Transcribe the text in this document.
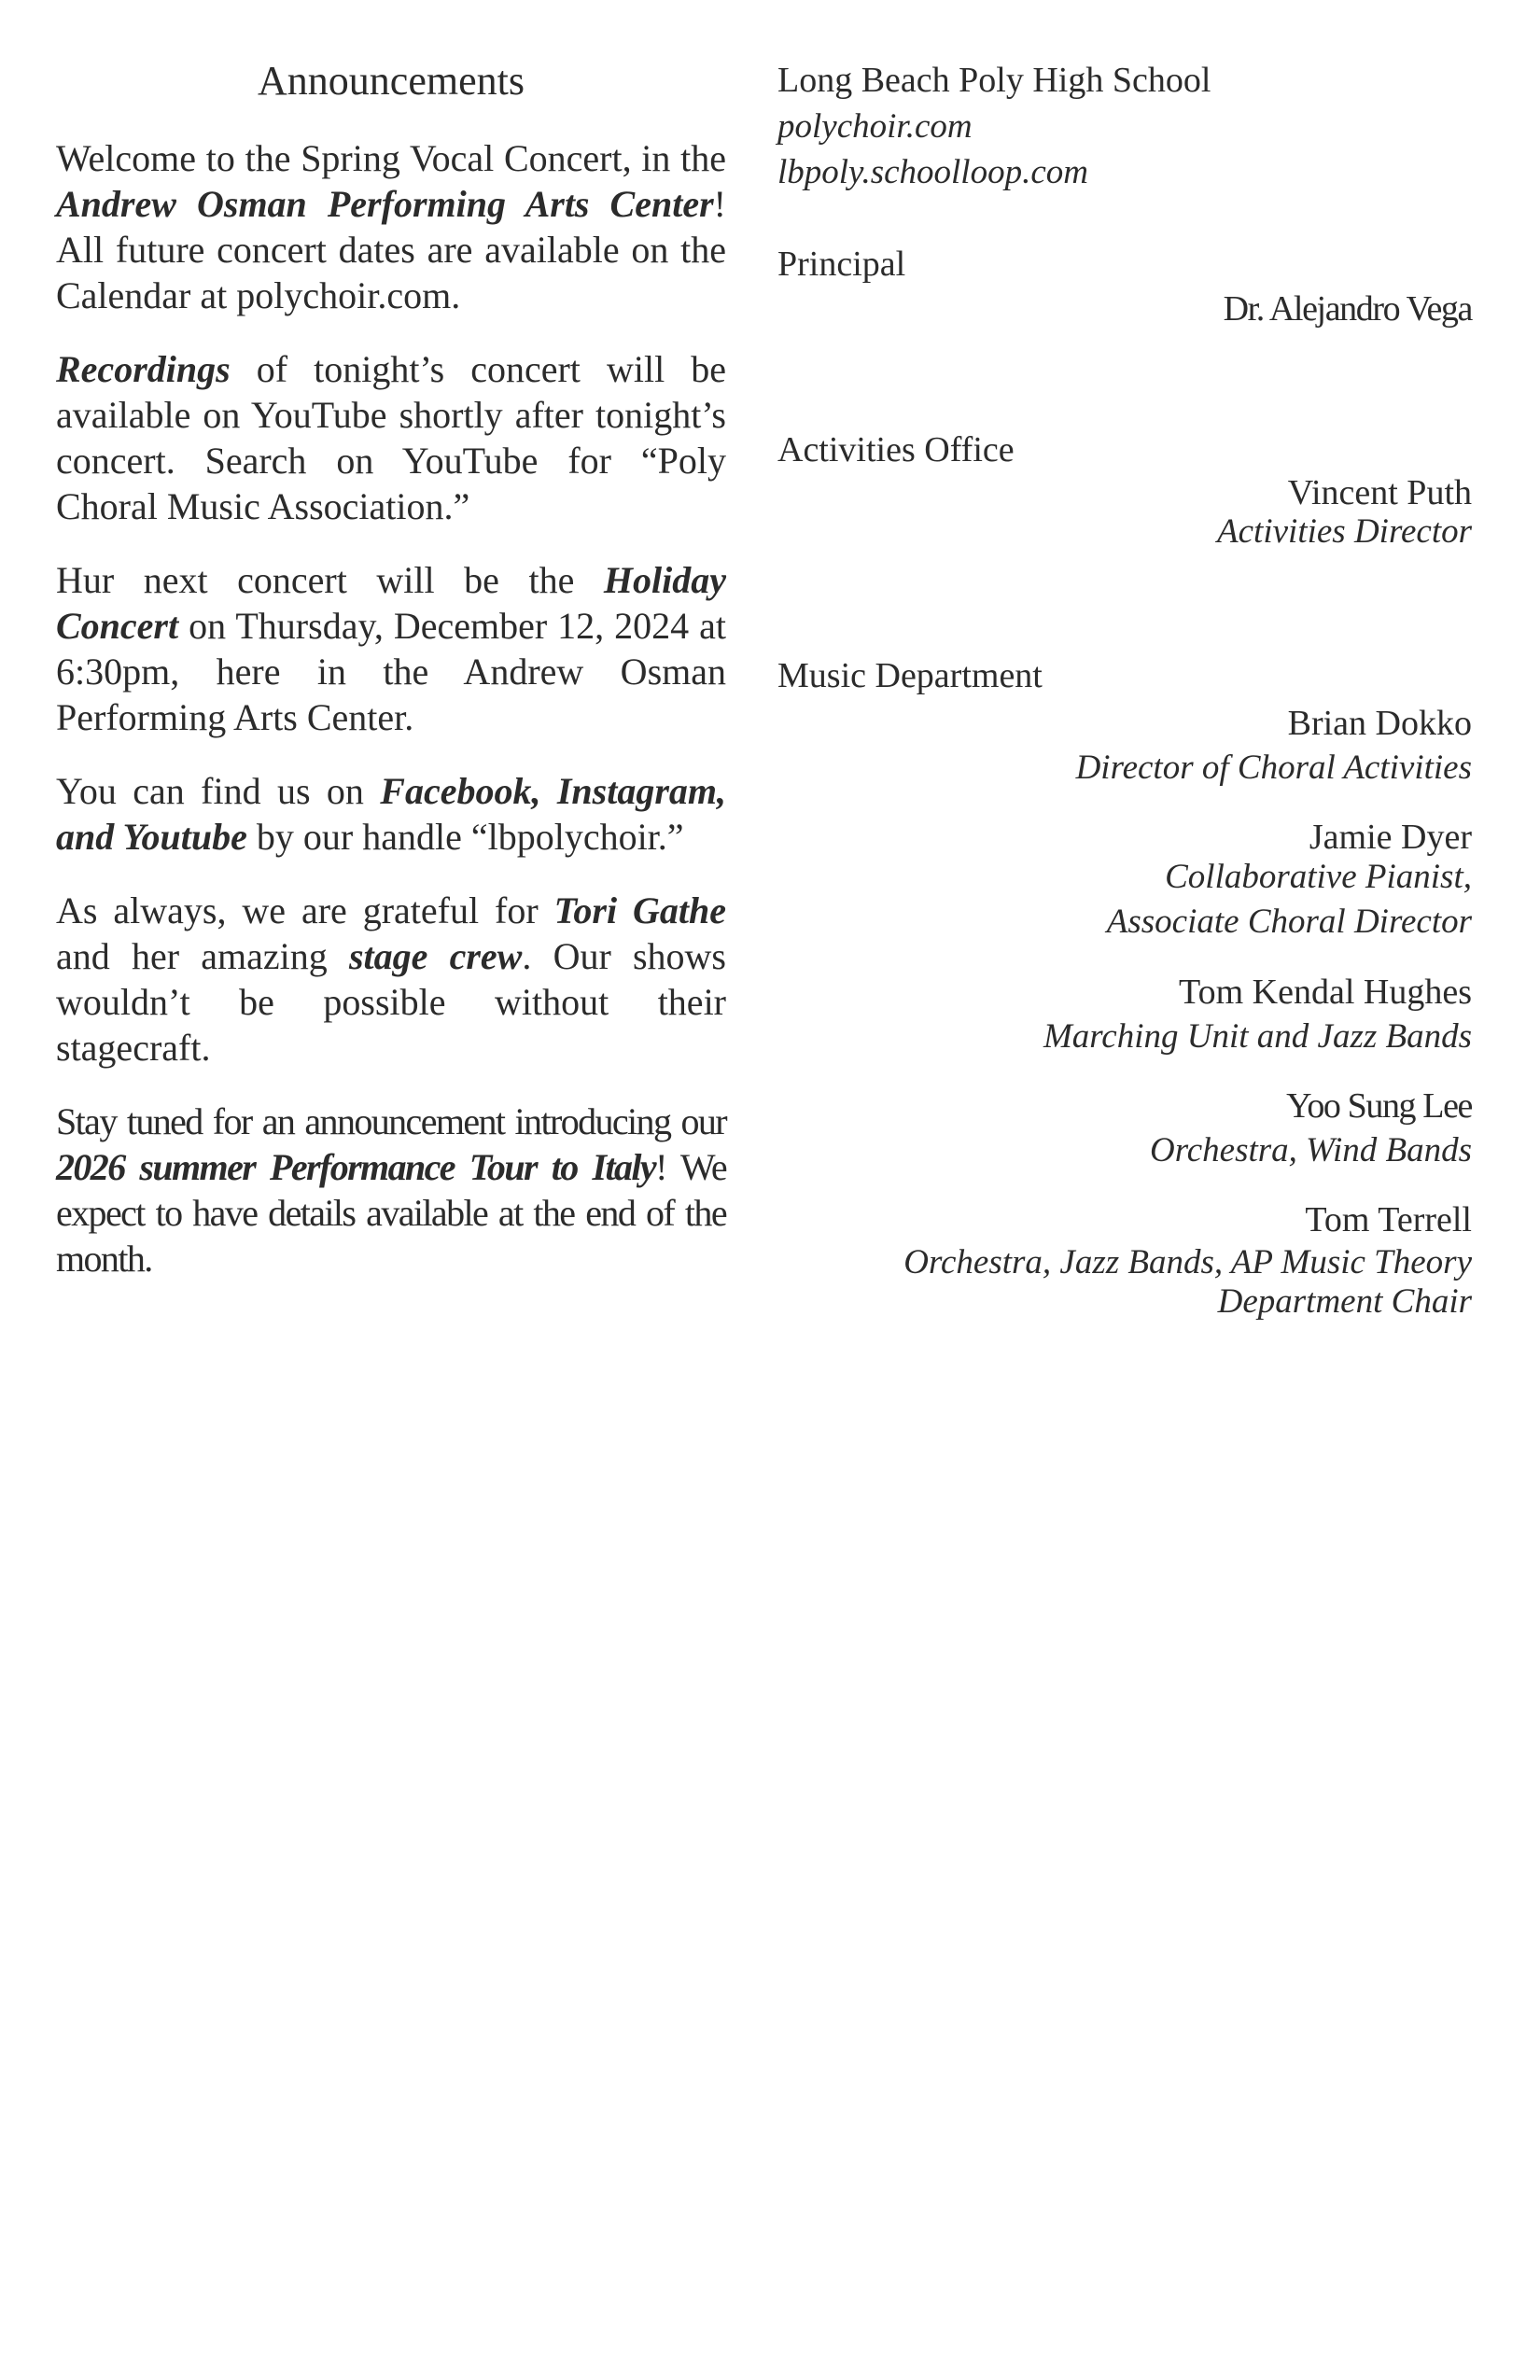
Announcements

Welcome to the Spring Vocal Concert, in the Andrew Osman Performing Arts Center! All future concert dates are available on the Calendar at polychoir.com.

Recordings of tonight’s concert will be available on YouTube shortly after tonight’s concert. Search on YouTube for “Poly Choral Music Association.”

Hur next concert will be the Holiday Concert on Thursday, December 12, 2024 at 6:30pm, here in the Andrew Osman Performing Arts Center.

You can find us on Facebook, Instagram, and Youtube by our handle “lbpolychoir.”

As always, we are grateful for Tori Gathe and her amazing stage crew. Our shows wouldn’t be possible without their stagecraft.

Stay tuned for an announcement introducing our 2026 summer Performance Tour to Italy! We expect to have details available at the end of the month.

Long Beach Poly High School
polychoir.com
lbpoly.schoolloop.com
Principal
Dr. Alejandro Vega
Activities Office
Vincent Puth
Activities Director
Music Department
Brian Dokko
Director of Choral Activities
Jamie Dyer
Collaborative Pianist,
Associate Choral Director
Tom Kendal Hughes
Marching Unit and Jazz Bands
Yoo Sung Lee
Orchestra, Wind Bands
Tom Terrell
Orchestra, Jazz Bands, AP Music Theory
Department Chair
